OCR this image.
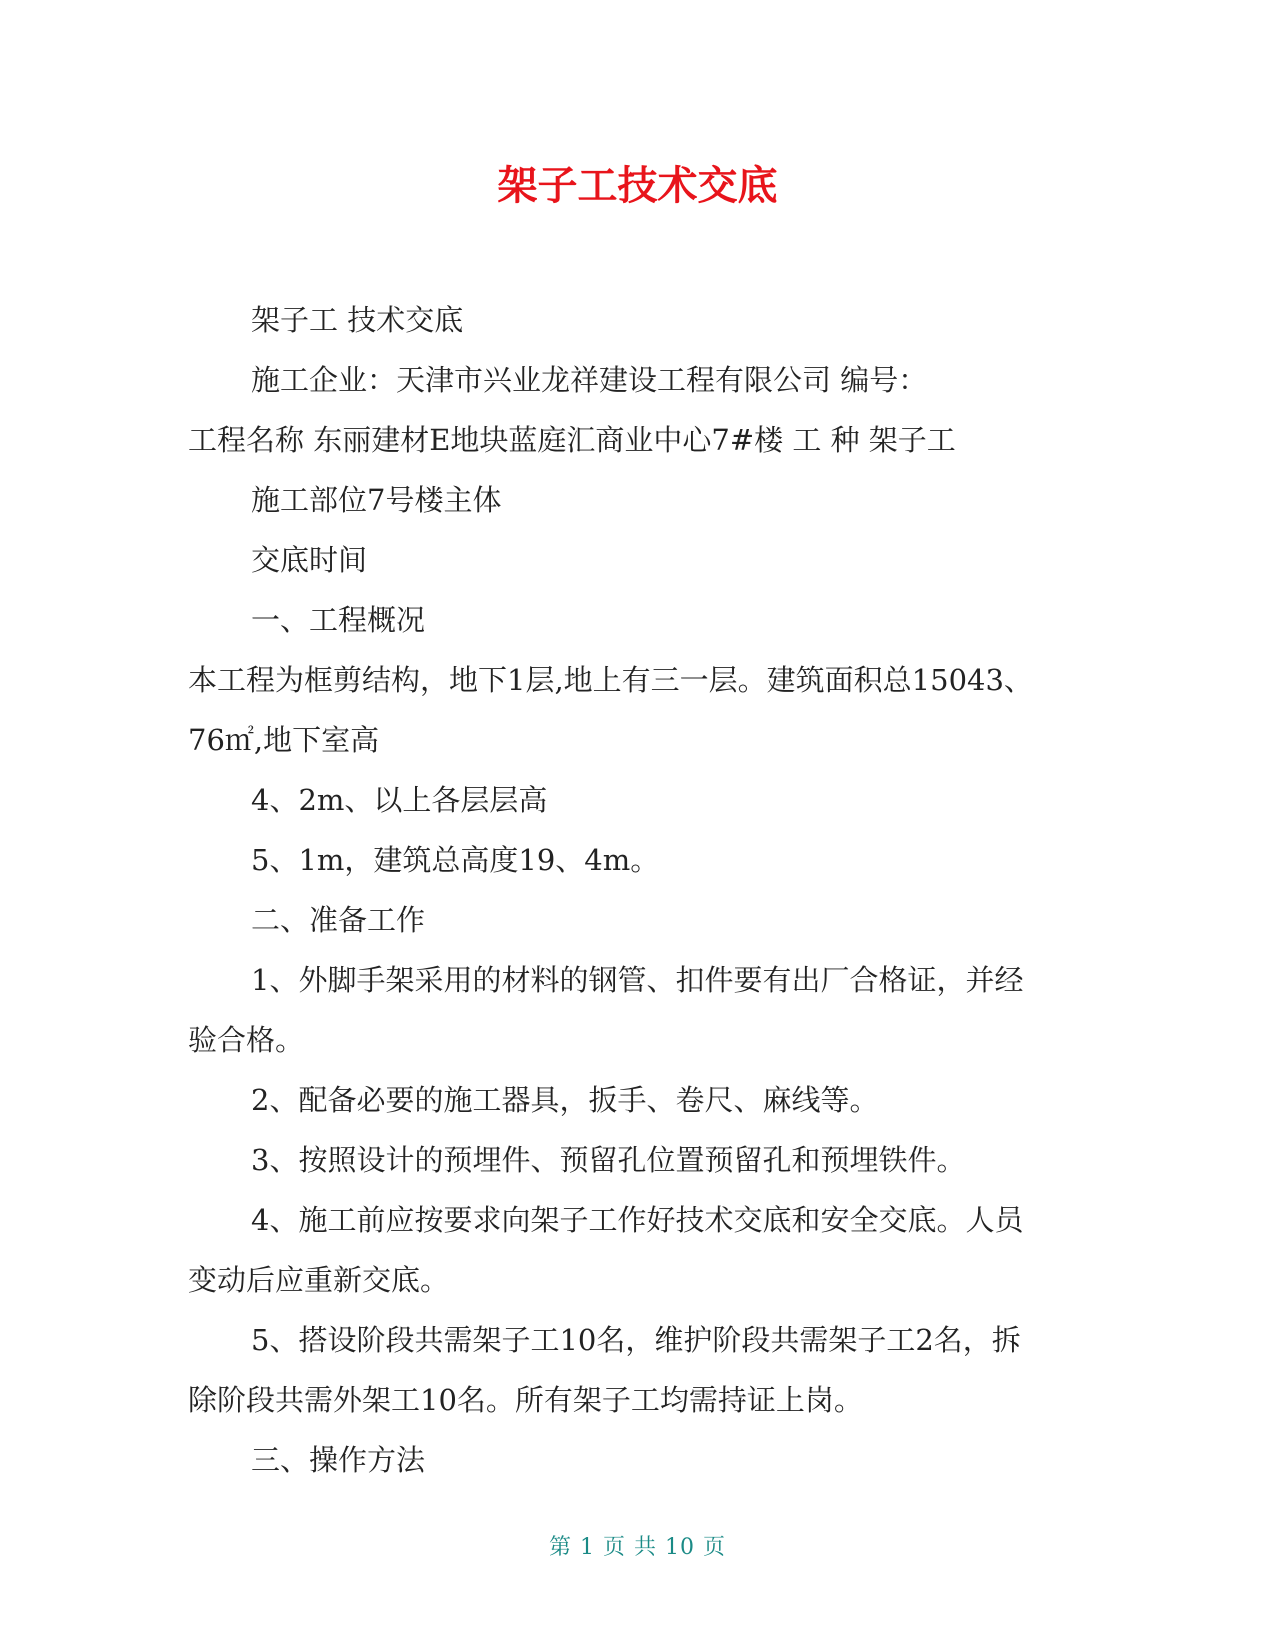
架子工技术交底

架子工 技术交底

施工企业：天津市兴业龙祥建设工程有限公司 编号：

工程名称 东丽建材E地块蓝庭汇商业中心7#楼 工 种 架子工

施工部位7号楼主体

交底时间

一、工程概况

本工程为框剪结构，地下1层,地上有三一层。建筑面积总15043、

76㎡,地下室高

4、2m、以上各层层高

5、1m，建筑总高度19、4m。

二、准备工作

1、外脚手架采用的材料的钢管、扣件要有出厂合格证，并经

验合格。

2、配备必要的施工器具，扳手、卷尺、麻线等。

3、按照设计的预埋件、预留孔位置预留孔和预埋铁件。

4、施工前应按要求向架子工作好技术交底和安全交底。人员

变动后应重新交底。

5、搭设阶段共需架子工10名，维护阶段共需架子工2名，拆

除阶段共需外架工10名。所有架子工均需持证上岗。

三、操作方法

第 1 页 共 10 页
